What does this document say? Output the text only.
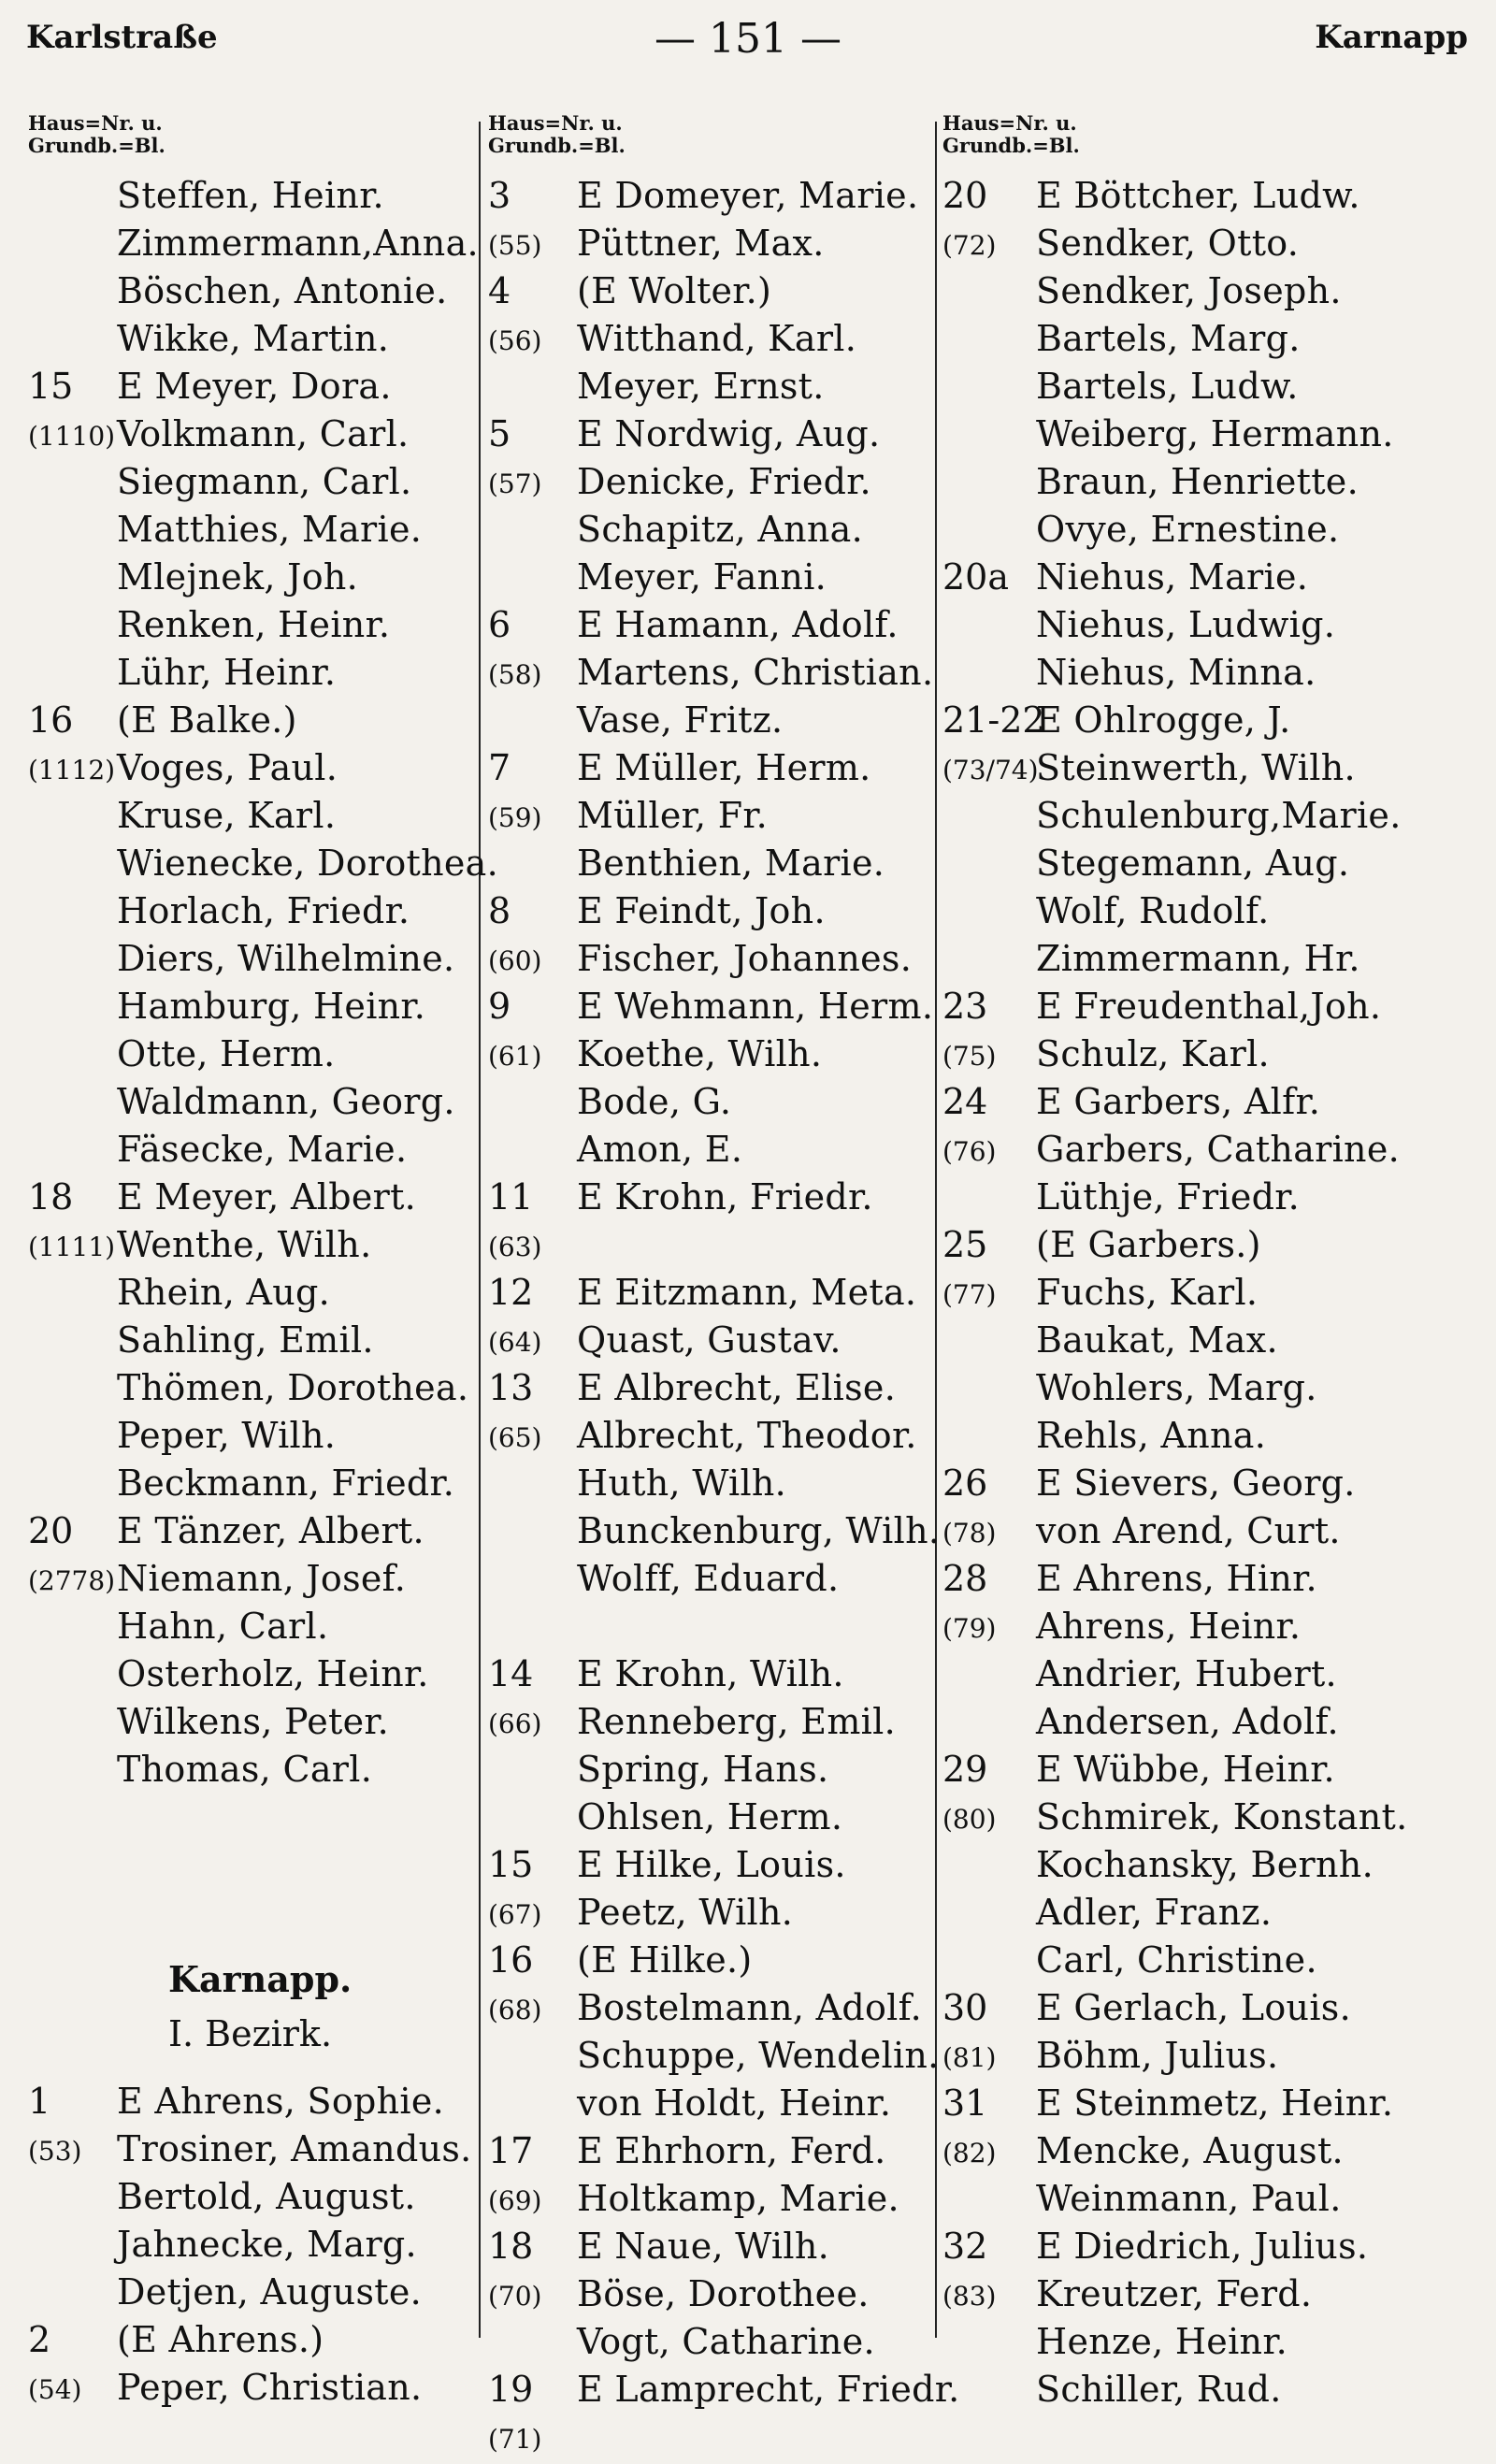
Karlstraße	— 151 —	Karnapp
Haus=Nr. u.
Grundb.=Bl.
Haus=Nr. u.
Grundb.=Bl.
Haus=Nr. u.
Grundb.=Bl.
Steffen, Heinr.
Zimmermann,Anna.
Böschen, Antonie.
Wikke, Martin.
15 E Meyer, Dora.
(1110) Volkmann, Carl.
Siegmann, Carl.
Matthies, Marie.
Mlejnek, Joh.
Renken, Heinr.
Lühr, Heinr.
16 (E Balke.)
(1112) Voges, Paul.
Kruse, Karl.
Wienecke, Dorothea.
Horlach, Friedr.
Diers, Wilhelmine.
Hamburg, Heinr.
Otte, Herm.
Waldmann, Georg.
Fäsecke, Marie.
18 E Meyer, Albert.
(1111) Wenthe, Wilh.
Rhein, Aug.
Sahling, Emil.
Thömen, Dorothea.
Peper, Wilh.
Beckmann, Friedr.
20 E Tänzer, Albert.
(2778) Niemann, Josef.
Hahn, Carl.
Osterholz, Heinr.
Wilkens, Peter.
Thomas, Carl.
Karnapp.
I. Bezirk.
1 E Ahrens, Sophie.
(53) Trosiner, Amandus.
Bertold, August.
Jahnecke, Marg.
Detjen, Auguste.
2 (E Ahrens.)
(54) Peper, Christian.
3 E Domeyer, Marie.
(55) Püttner, Max.
4 (E Wolter.)
(56) Witthand, Karl.
Meyer, Ernst.
5 E Nordwig, Aug.
(57) Denicke, Friedr.
Schapitz, Anna.
Meyer, Fanni.
6 E Hamann, Adolf.
(58) Martens, Christian.
Vase, Fritz.
7 E Müller, Herm.
(59) Müller, Fr.
Benthien, Marie.
8 E Feindt, Joh.
(60) Fischer, Johannes.
9 E Wehmann, Herm.
(61) Koethe, Wilh.
Bode, G.
Amon, E.
11 E Krohn, Friedr.
(63)
12 E Eitzmann, Meta.
(64) Quast, Gustav.
13 E Albrecht, Elise.
(65) Albrecht, Theodor.
Huth, Wilh.
Bunckenburg, Wilh.
Wolff, Eduard.
14 E Krohn, Wilh.
(66) Renneberg, Emil.
Spring, Hans.
Ohlsen, Herm.
15 E Hilke, Louis.
(67) Peetz, Wilh.
16 (E Hilke.)
(68) Bostelmann, Adolf.
Schuppe, Wendelin.
von Holdt, Heinr.
17 E Ehrhorn, Ferd.
(69) Holtkamp, Marie.
18 E Naue, Wilh.
(70) Böse, Dorothee.
Vogt, Catharine.
19 E Lamprecht, Friedr.
(71)
20 E Böttcher, Ludw.
(72) Sendker, Otto.
Sendker, Joseph.
Bartels, Marg.
Bartels, Ludw.
Weiberg, Hermann.
Braun, Henriette.
Ovye, Ernestine.
20a Niehus, Marie.
Niehus, Ludwig.
Niehus, Minna.
21-22
E Ohlrogge, J.
(73/74)
Steinwerth, Wilh.
Schulenburg,Marie.
Stegemann, Aug.
Wolf, Rudolf.
Zimmermann, Hr.
23 E Freudenthal,Joh.
(75) Schulz, Karl.
24 E Garbers, Alfr.
(76) Garbers, Catharine.
Lüthje, Friedr.
25 (E Garbers.)
(77) Fuchs, Karl.
Baukat, Max.
Wohlers, Marg.
Rehls, Anna.
26 E Sievers, Georg.
(78) von Arend, Curt.
28 E Ahrens, Hinr.
(79) Ahrens, Heinr.
Andrier, Hubert.
Andersen, Adolf.
29 E Wübbe, Heinr.
(80) Schmirek, Konstant.
Kochansky, Bernh.
Adler, Franz.
Carl, Christine.
30 E Gerlach, Louis.
(81) Böhm, Julius.
31 E Steinmetz, Heinr.
(82) Mencke, August.
Weinmann, Paul.
32 E Diedrich, Julius.
(83) Kreutzer, Ferd.
Henze, Heinr.
Schiller, Rud.
